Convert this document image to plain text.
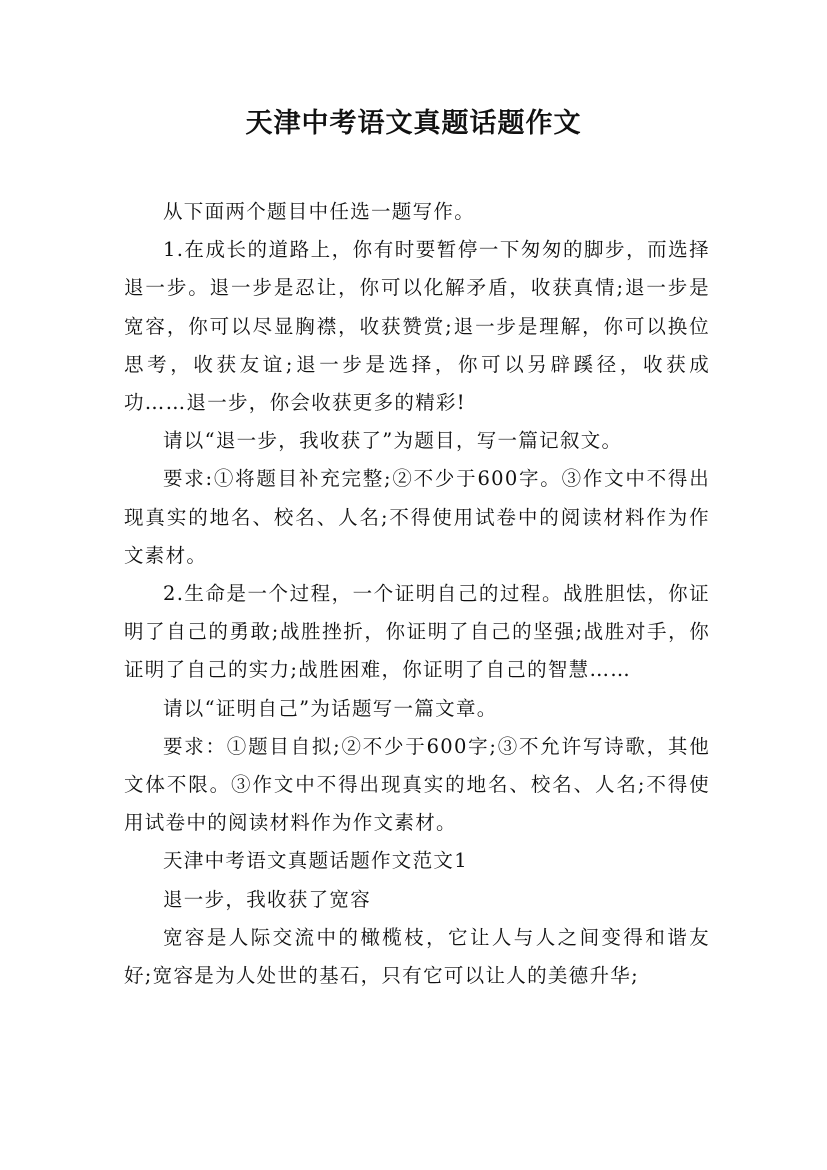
天津中考语文真题话题作文

从下面两个题目中任选一题写作。

1.在成长的道路上，你有时要暂停一下匆匆的脚步，而选择退一步。退一步是忍让，你可以化解矛盾，收获真情;退一步是宽容，你可以尽显胸襟，收获赞赏;退一步是理解，你可以换位思考，收获友谊;退一步是选择，你可以另辟蹊径，收获成功……退一步，你会收获更多的精彩!

请以“退一步，我收获了”为题目，写一篇记叙文。

要求:①将题目补充完整;②不少于600字。③作文中不得出现真实的地名、校名、人名;不得使用试卷中的阅读材料作为作文素材。

2.生命是一个过程，一个证明自己的过程。战胜胆怯，你证明了自己的勇敢;战胜挫折，你证明了自己的坚强;战胜对手，你证明了自己的实力;战胜困难，你证明了自己的智慧……

请以“证明自己”为话题写一篇文章。

要求：①题目自拟;②不少于600字;③不允许写诗歌，其他文体不限。③作文中不得出现真实的地名、校名、人名;不得使用试卷中的阅读材料作为作文素材。

天津中考语文真题话题作文范文1

退一步，我收获了宽容

宽容是人际交流中的橄榄枝，它让人与人之间变得和谐友好;宽容是为人处世的基石，只有它可以让人的美德升华;
